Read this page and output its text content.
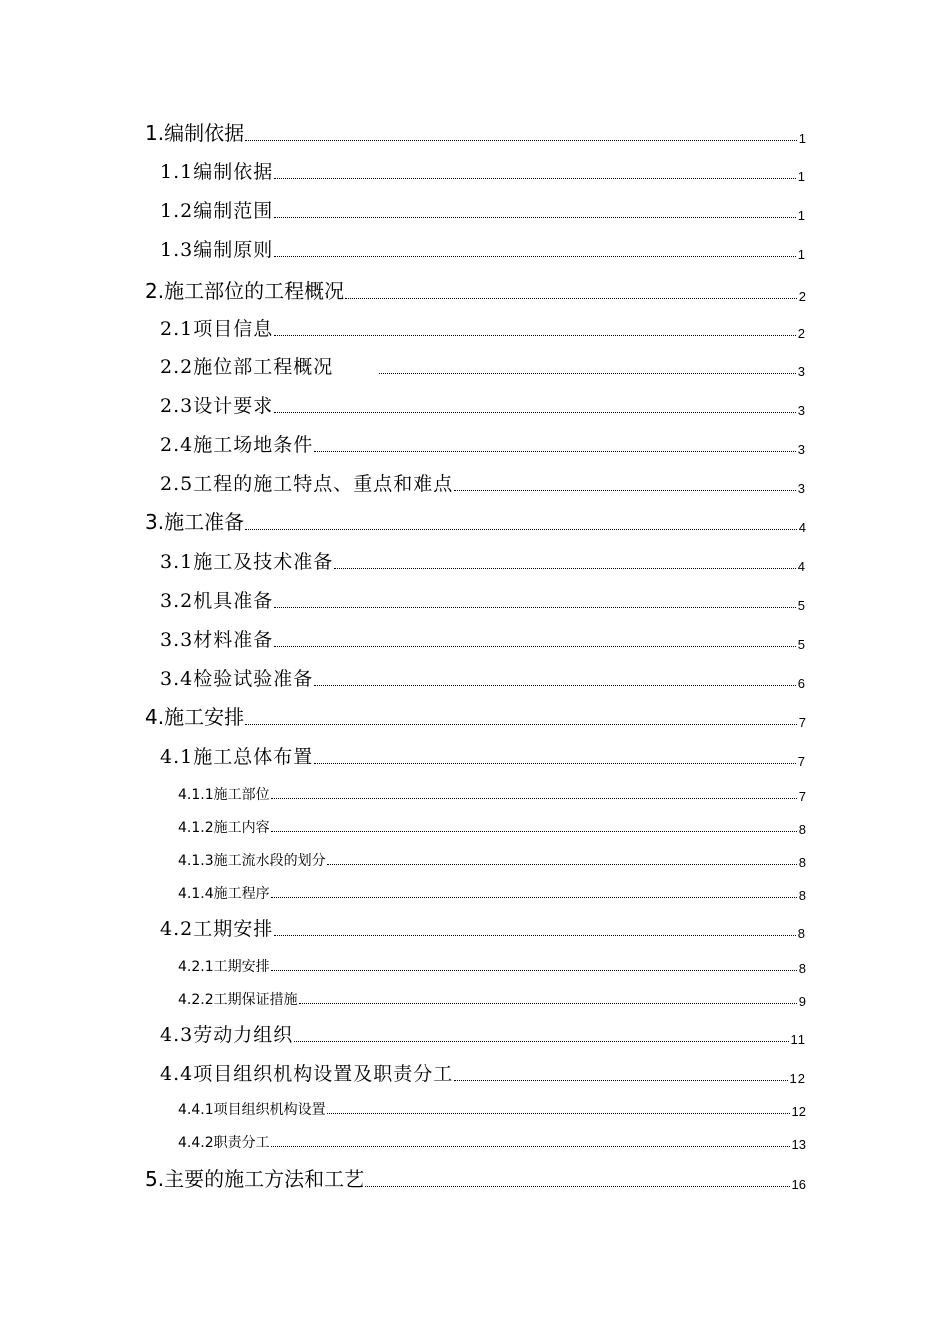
1.编制依据	1
1.1编制依据	1
1.2编制范围	1
1.3编制原则	1
2.施工部位的工程概况	2
2.1项目信息	2
2.2施位部工程概况	3
2.3设计要求	3
2.4施工场地条件	3
2.5工程的施工特点、重点和难点	3
3.施工准备	4
3.1施工及技术准备	4
3.2机具准备	5
3.3材料准备	5
3.4检验试验准备	6
4.施工安排	7
4.1施工总体布置	7
4.1.1施工部位	7
4.1.2施工内容	8
4.1.3施工流水段的划分	8
4.1.4施工程序	8
4.2工期安排	8
4.2.1工期安排	8
4.2.2工期保证措施	9
4.3劳动力组织	11
4.4项目组织机构设置及职责分工	12
4.4.1项目组织机构设置	12
4.4.2职责分工	13
5.主要的施工方法和工艺	16
